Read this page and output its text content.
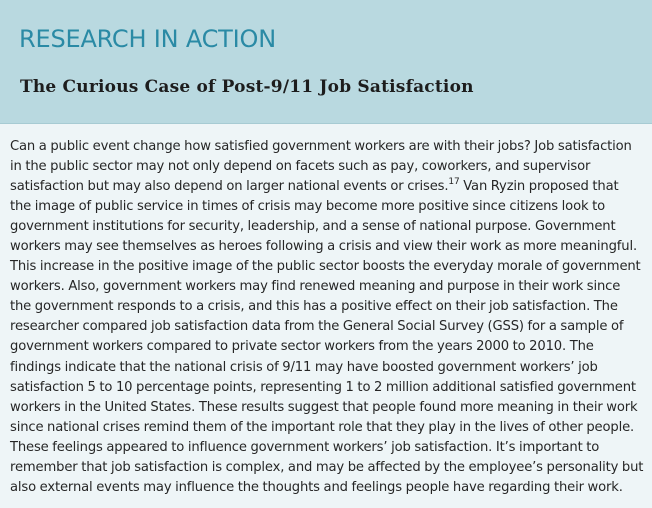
RESEARCH IN ACTION
The Curious Case of Post-9/11 Job Satisfaction
Can a public event change how satisfied government workers are with their jobs? Job satisfaction
in the public sector may not only depend on facets such as pay, coworkers, and supervisor
satisfaction but may also depend on larger national events or crises.$^{17}$ Van Ryzin proposed that
the image of public service in times of crisis may become more positive since citizens look to
government institutions for security, leadership, and a sense of national purpose. Government
workers may see themselves as heroes following a crisis and view their work as more meaningful.
This increase in the positive image of the public sector boosts the everyday morale of government
workers. Also, government workers may find renewed meaning and purpose in their work since
the government responds to a crisis, and this has a positive effect on their job satisfaction. The
researcher compared job satisfaction data from the General Social Survey (GSS) for a sample of
government workers compared to private sector workers from the years 2000 to 2010. The
findings indicate that the national crisis of 9/11 may have boosted government workers’ job
satisfaction 5 to 10 percentage points, representing 1 to 2 million additional satisfied government
workers in the United States. These results suggest that people found more meaning in their work
since national crises remind them of the important role that they play in the lives of other people.
These feelings appeared to influence government workers’ job satisfaction. It’s important to
remember that job satisfaction is complex, and may be affected by the employee’s personality but
also external events may influence the thoughts and feelings people have regarding their work.
